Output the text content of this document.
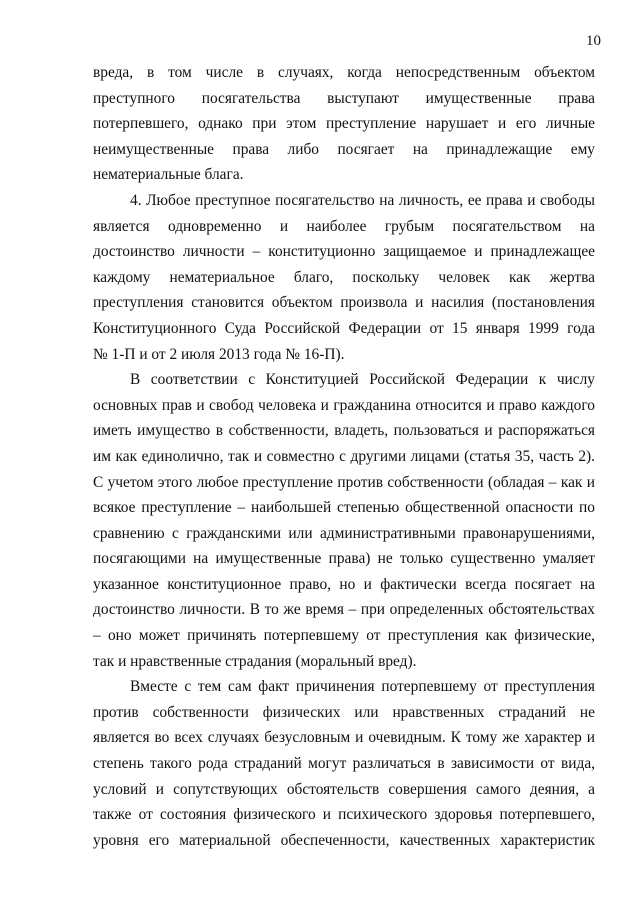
10
вреда, в том числе в случаях, когда непосредственным объектом
преступного посягательства выступают имущественные права
потерпевшего, однако при этом преступление нарушает и его личные
неимущественные права либо посягает на принадлежащие ему
нематериальные блага.
4. Любое преступное посягательство на личность, ее права и свободы
является одновременно и наиболее грубым посягательством на
достоинство личности – конституционно защищаемое и принадлежащее
каждому нематериальное благо, поскольку человек как жертва
преступления становится объектом произвола и насилия (постановления
Конституционного Суда Российской Федерации от 15 января 1999 года
№ 1-П и от 2 июля 2013 года № 16-П).
В соответствии с Конституцией Российской Федерации к числу
основных прав и свобод человека и гражданина относится и право каждого
иметь имущество в собственности, владеть, пользоваться и распоряжаться
им как единолично, так и совместно с другими лицами (статья 35, часть 2).
С учетом этого любое преступление против собственности (обладая – как и
всякое преступление – наибольшей степенью общественной опасности по
сравнению с гражданскими или административными правонарушениями,
посягающими на имущественные права) не только существенно умаляет
указанное конституционное право, но и фактически всегда посягает на
достоинство личности. В то же время – при определенных обстоятельствах
– оно может причинять потерпевшему от преступления как физические,
так и нравственные страдания (моральный вред).
Вместе с тем сам факт причинения потерпевшему от преступления
против собственности физических или нравственных страданий не
является во всех случаях безусловным и очевидным. К тому же характер и
степень такого рода страданий могут различаться в зависимости от вида,
условий и сопутствующих обстоятельств совершения самого деяния, а
также от состояния физического и психического здоровья потерпевшего,
уровня его материальной обеспеченности, качественных характеристик
